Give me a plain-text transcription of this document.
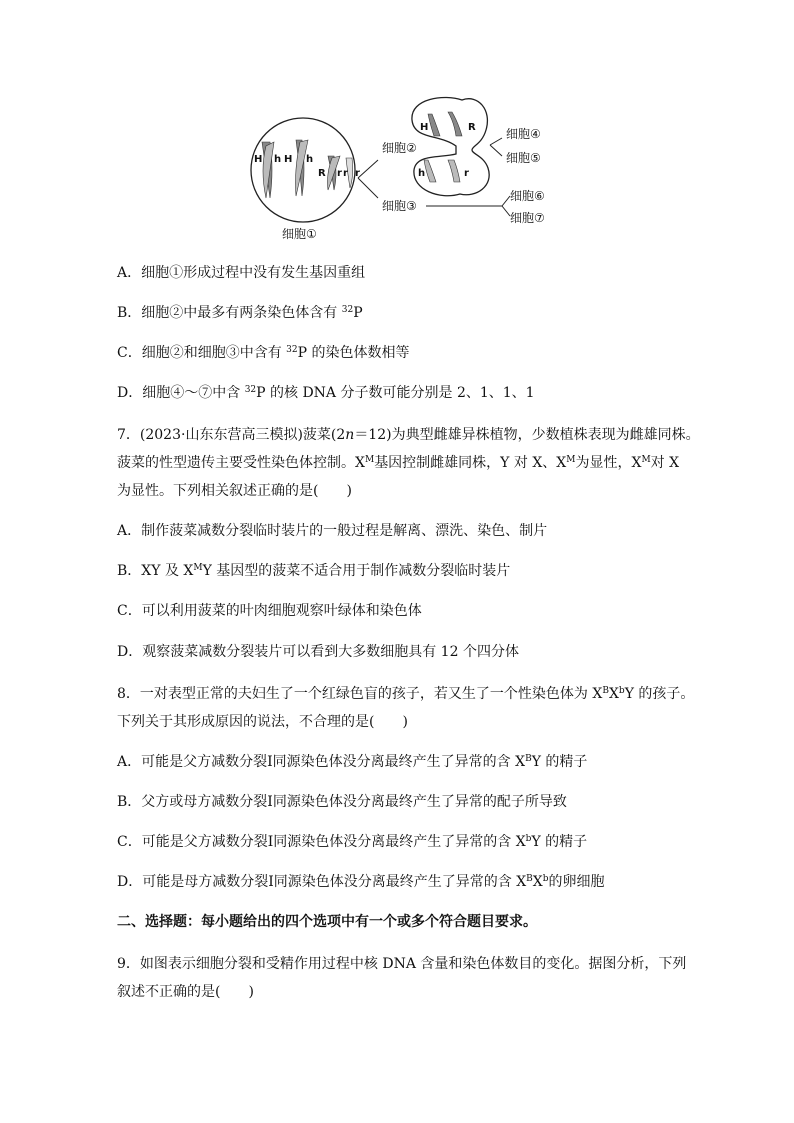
H h H h
R r r r
细胞①
细胞②
细胞③
H	R
h	r
细胞④
细胞⑤
细胞⑥
细胞⑦
A．细胞①形成过程中没有发生基因重组
B．细胞②中最多有两条染色体含有 $^{32}$P
C．细胞②和细胞③中含有 $^{32}$P 的染色体数相等
D．细胞④～⑦中含 $^{32}$P 的核 DNA 分子数可能分别是 2、1、1、1
7．(2023·山东东营高三模拟)菠菜(2n＝12)为典型雌雄异株植物，少数植株表现为雌雄同株。
菠菜的性型遗传主要受性染色体控制。$X^M$基因控制雌雄同株，Y 对 X、$X^M$为显性，$X^M$对 X
为显性。下列相关叙述正确的是(　　)
A．制作菠菜减数分裂临时装片的一般过程是解离、漂洗、染色、制片
B．XY 及 $X^MY$ 基因型的菠菜不适合用于制作减数分裂临时装片
C．可以利用菠菜的叶肉细胞观察叶绿体和染色体
D．观察菠菜减数分裂装片可以看到大多数细胞具有 12 个四分体
8．一对表型正常的夫妇生了一个红绿色盲的孩子，若又生了一个性染色体为 $X^BX^bY$ 的孩子。
下列关于其形成原因的说法，不合理的是(　　)
A．可能是父方减数分裂Ⅰ同源染色体没分离最终产生了异常的含 $X^BY$ 的精子
B．父方或母方减数分裂Ⅰ同源染色体没分离最终产生了异常的配子所导致
C．可能是父方减数分裂Ⅰ同源染色体没分离最终产生了异常的含 $X^bY$ 的精子
D．可能是母方减数分裂Ⅰ同源染色体没分离最终产生了异常的含 $X^BX^b$的卵细胞
二、选择题：每小题给出的四个选项中有一个或多个符合题目要求。
9．如图表示细胞分裂和受精作用过程中核 DNA 含量和染色体数目的变化。据图分析，下列
叙述不正确的是(　　)
